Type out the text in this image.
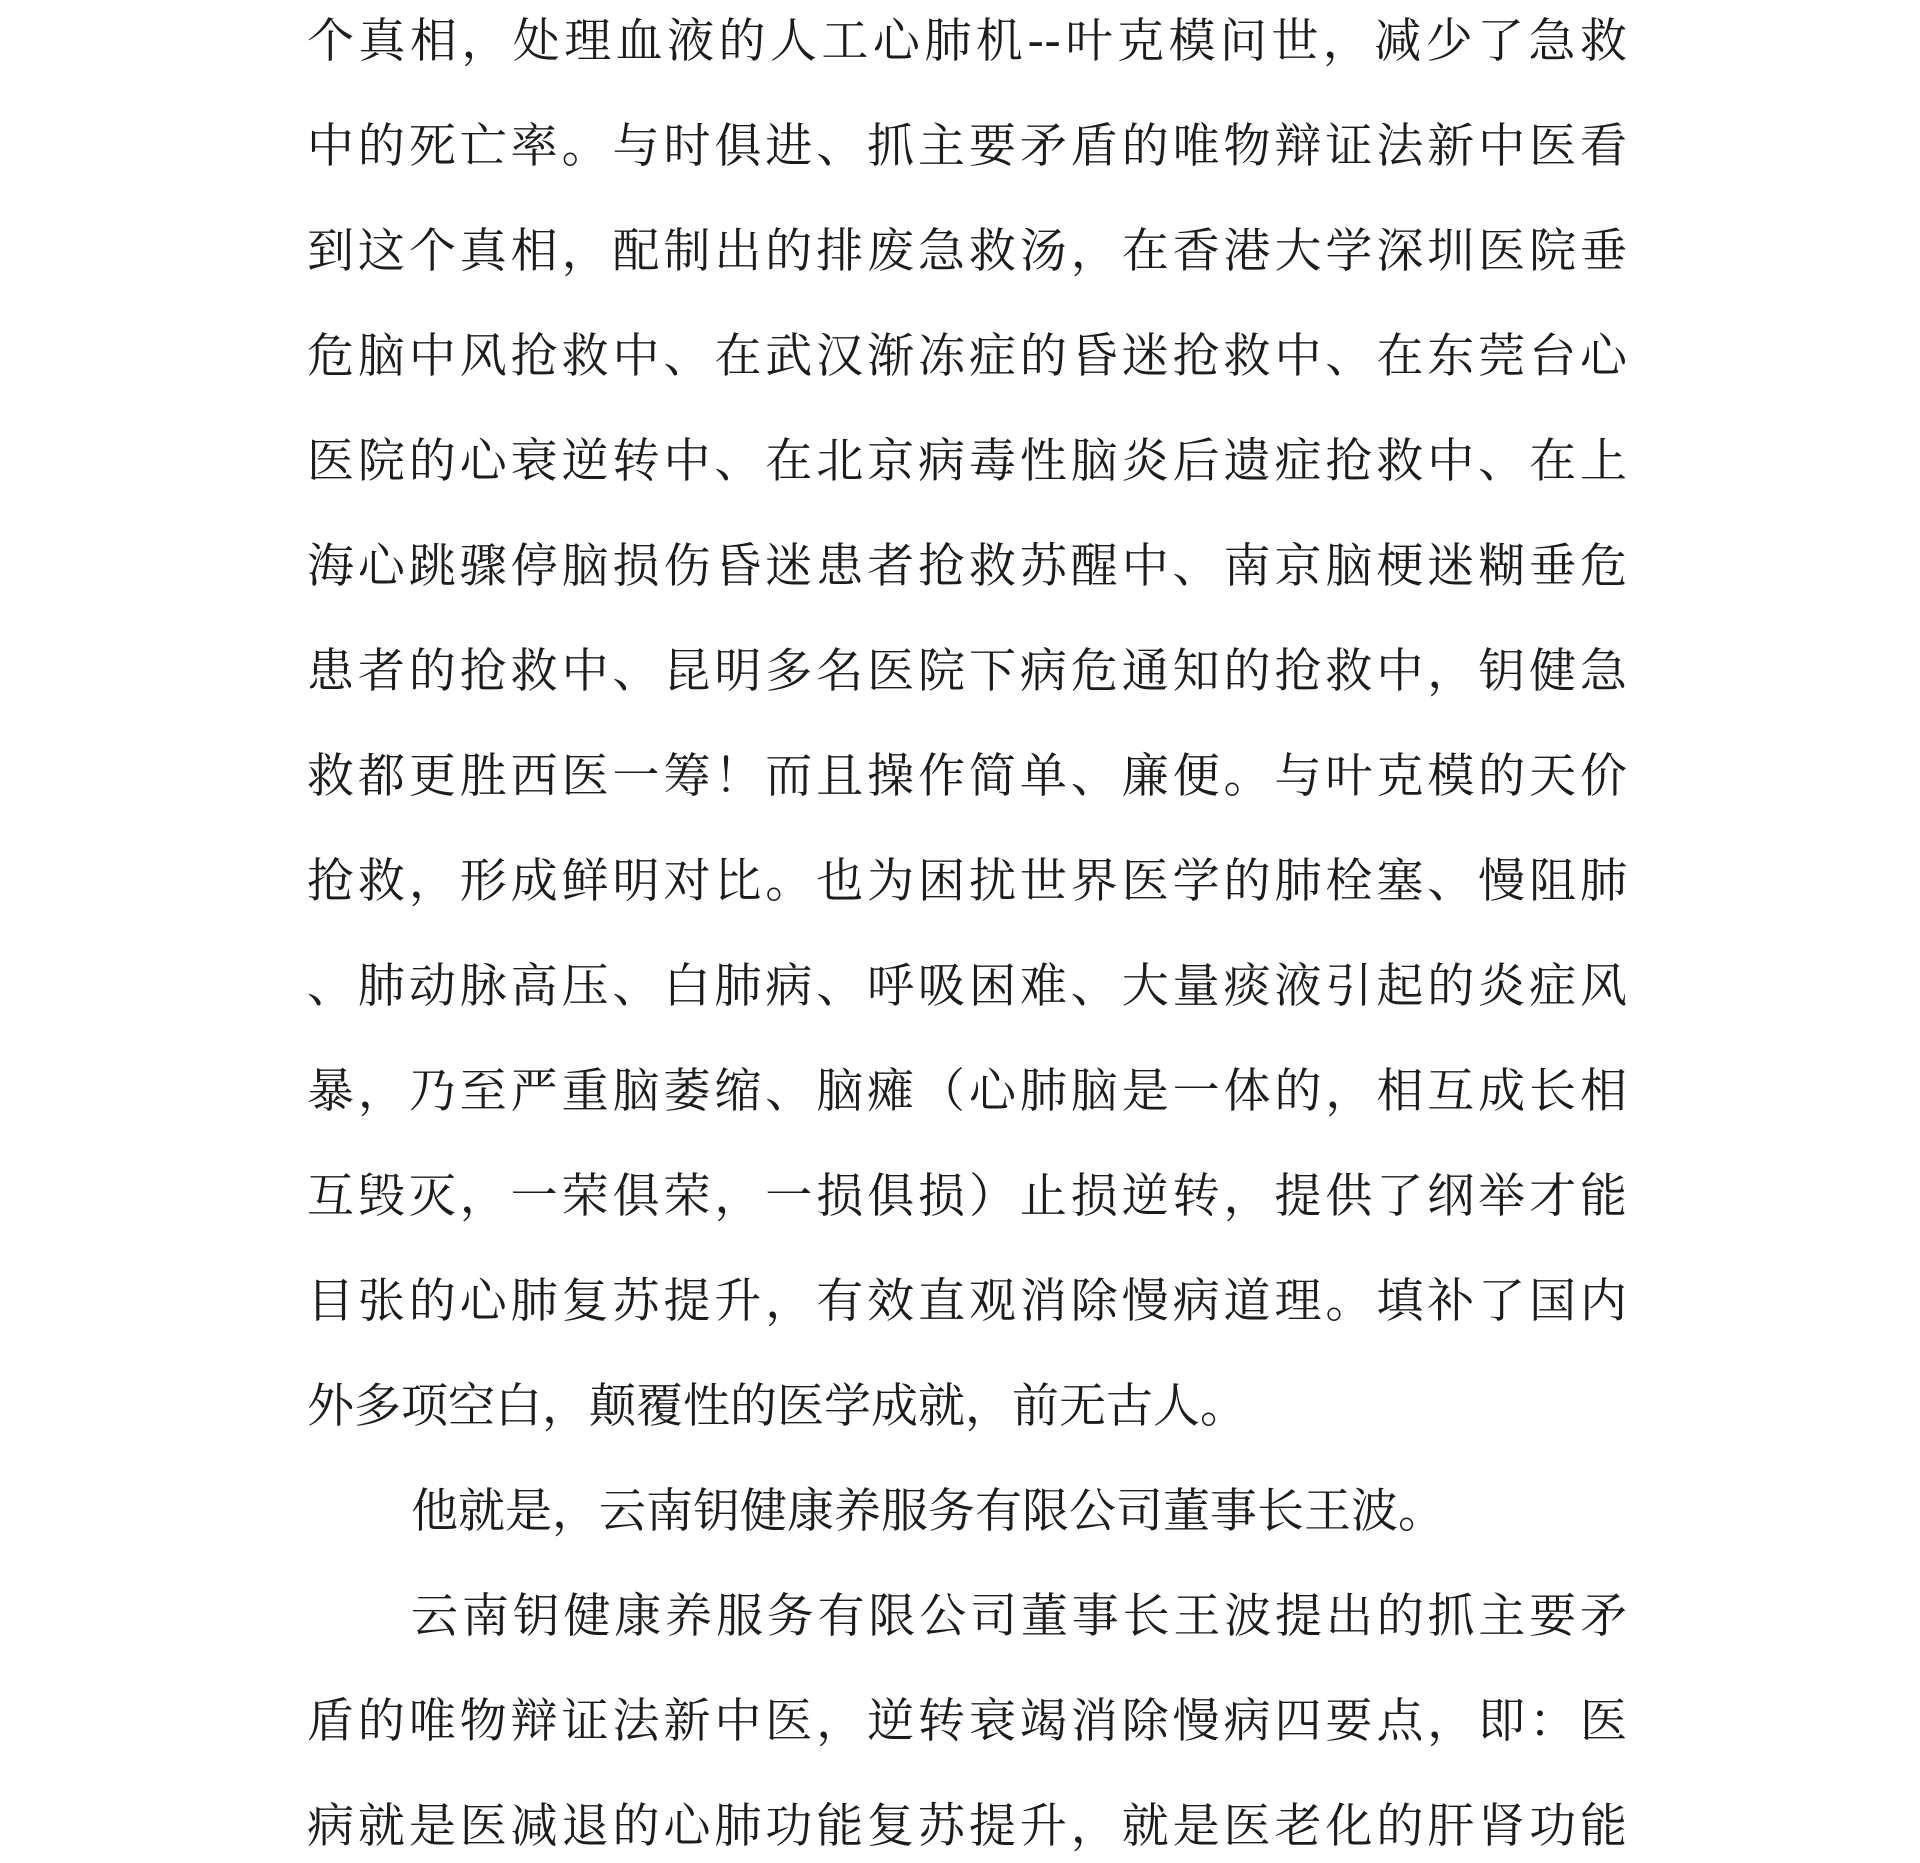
个真相，处理血液的人工心肺机--叶克模问世，减少了急救
中的死亡率。与时俱进、抓主要矛盾的唯物辩证法新中医看
到这个真相，配制出的排废急救汤，在香港大学深圳医院垂
危脑中风抢救中、在武汉渐冻症的昏迷抢救中、在东莞台心
医院的心衰逆转中、在北京病毒性脑炎后遗症抢救中、在上
海心跳骤停脑损伤昏迷患者抢救苏醒中、南京脑梗迷糊垂危
患者的抢救中、昆明多名医院下病危通知的抢救中，钥健急
救都更胜西医一筹！而且操作简单、廉便。与叶克模的天价
抢救，形成鲜明对比。也为困扰世界医学的肺栓塞、慢阻肺
、肺动脉高压、白肺病、呼吸困难、大量痰液引起的炎症风
暴，乃至严重脑萎缩、脑瘫（心肺脑是一体的，相互成长相
互毁灭，一荣俱荣，一损俱损）止损逆转，提供了纲举才能
目张的心肺复苏提升，有效直观消除慢病道理。填补了国内
外多项空白，颠覆性的医学成就，前无古人。
他就是，云南钥健康养服务有限公司董事长王波。
云南钥健康养服务有限公司董事长王波提出的抓主要矛
盾的唯物辩证法新中医，逆转衰竭消除慢病四要点，即：医
病就是医减退的心肺功能复苏提升，就是医老化的肝肾功能
